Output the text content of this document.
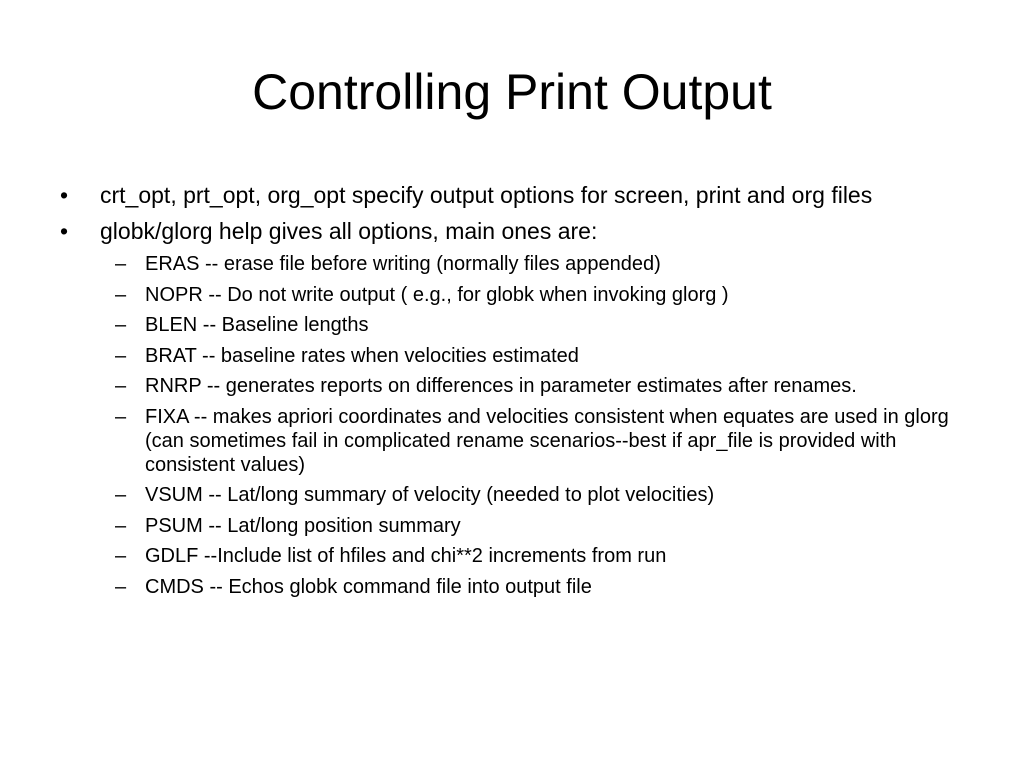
Controlling Print Output
•	crt_opt, prt_opt, org_opt specify output options for screen, print and org files
•	globk/glorg help gives all options, main ones are:
– ERAS -- erase file before writing (normally files appended)
– NOPR -- Do not write output ( e.g., for globk when invoking glorg )
– BLEN -- Baseline lengths
– BRAT -- baseline rates when velocities estimated
– RNRP -- generates reports on differences in parameter estimates after renames.
– FIXA -- makes apriori coordinates and velocities consistent when equates are used in glorg (can sometimes fail in complicated rename scenarios--best if apr_file is provided with consistent values)
– VSUM -- Lat/long summary of velocity (needed to plot velocities)
– PSUM -- Lat/long position summary
– GDLF --Include list of hfiles and chi**2 increments from run
– CMDS -- Echos globk command file into output file
